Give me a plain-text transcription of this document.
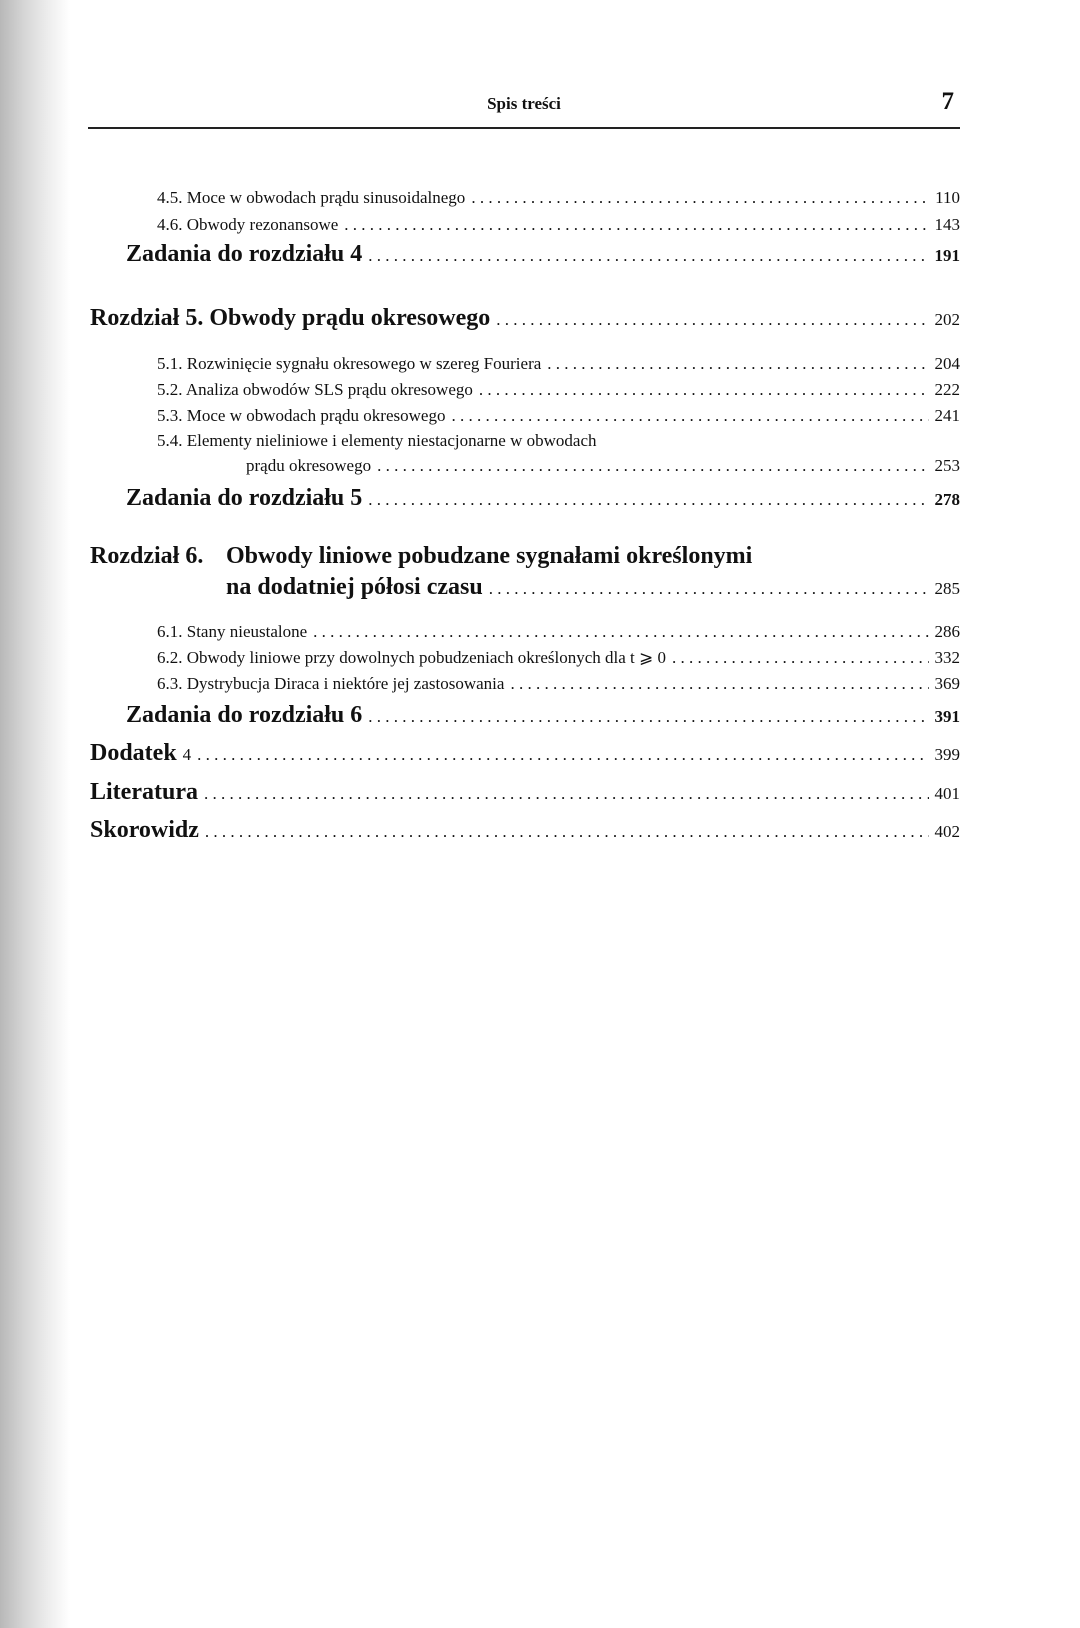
Spis treści	7
4.5. Moce w obwodach prądu sinusoidalnego . . .	110
4.6. Obwody rezonansowe . . .	143
Zadania do rozdziału 4 . . .	191
Rozdział 5. Obwody prądu okresowego . . .	202
5.1. Rozwinięcie sygnału okresowego w szereg Fouriera . . .	204
5.2. Analiza obwodów SLS prądu okresowego . . .	222
5.3. Moce w obwodach prądu okresowego . . .	241
5.4. Elementy nieliniowe i elementy niestacjonarne w obwodach
prądu okresowego . . .	253
Zadania do rozdziału 5 . . .	278
Rozdział 6. Obwody liniowe pobudzane sygnałami określonymi
na dodatniej półosi czasu . . .	285
6.1. Stany nieustalone . . .	286
6.2. Obwody liniowe przy dowolnych pobudzeniach określonych dla t ⩾ 0 . . .	332
6.3. Dystrybucja Diraca i niektóre jej zastosowania . . .	369
Zadania do rozdziału 6 . . .	391
Dodatek 4 . . .	399
Literatura . . .	401
Skorowidz . . .	402
